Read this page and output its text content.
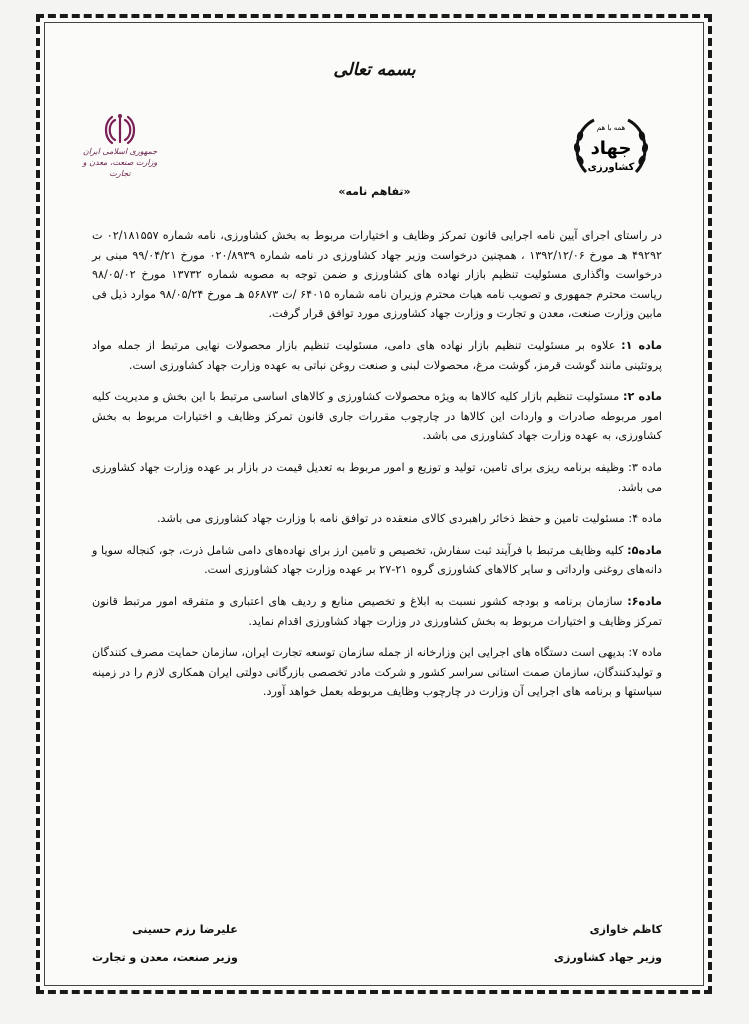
بسمه تعالی
جمهوری اسلامی ایران
وزارت صنعت، معدن و تجارت
همه با هم
جهاد
کشاورزی
«تفاهم نامه»

در راستای اجرای آیین نامه اجرایی قانون تمرکز وظایف و اختیارات مربوط به بخش کشاورزی، نامه شماره ۰۲/۱۸۱۵۵۷ ت ۴۹۲۹۲ هـ مورخ ۱۳۹۲/۱۲/۰۶ ، همچنین درخواست وزیر جهاد کشاورزی در نامه شماره ۰۲۰/۸۹۳۹ مورخ ۹۹/۰۴/۲۱ مبنی بر درخواست واگذاری مسئولیت تنظیم بازار نهاده های کشاورزی و ضمن توجه به مصوبه شماره ۱۳۷۳۲ مورخ ۹۸/۰۵/۰۲ ریاست محترم جمهوری و تصویب نامه هیات محترم وزیران نامه شماره ۶۴۰۱۵ /ت ۵۶۸۷۳ هـ مورخ ۹۸/۰۵/۲۴ موارد ذیل فی مابین وزارت صنعت، معدن و تجارت و وزارت جهاد کشاورزی مورد توافق قرار گرفت.

ماده ۱: علاوه بر مسئولیت تنظیم بازار نهاده های دامی، مسئولیت تنظیم بازار محصولات نهایی مرتبط از جمله مواد پروتئینی مانند گوشت قرمز، گوشت مرغ، محصولات لبنی و صنعت روغن نباتی به عهده وزارت جهاد کشاورزی است.

ماده ۲: مسئولیت تنظیم بازار کلیه کالاها به ویژه محصولات کشاورزی و کالاهای اساسی مرتبط با این بخش و مدیریت کلیه امور مربوطه صادرات و واردات این کالاها در چارچوب مقررات جاری قانون تمرکز وظایف و اختیارات مربوط به بخش کشاورزی، به عهده وزارت جهاد کشاورزی می باشد.

ماده ۳: وظیفه برنامه ریزی برای تامین، تولید و توزیع و امور مربوط به تعدیل قیمت در بازار بر عهده وزارت جهاد کشاورزی می باشد.

ماده ۴: مسئولیت تامین و حفظ ذخائر راهبردی کالای منعقده در توافق نامه با وزارت جهاد کشاورزی می باشد.

ماده۵: کلیه وظایف مرتبط با فرآیند ثبت سفارش، تخصیص و تامین ارز برای نهاده‌های دامی شامل ذرت، جو، کنجاله سویا و دانه‌های روغنی وارداتی و سایر کالاهای کشاورزی گروه ۲۱-۲۷ بر عهده وزارت جهاد کشاورزی است.

ماده۶: سازمان برنامه و بودجه کشور نسبت به ابلاغ و تخصیص منابع و ردیف های اعتباری و متفرقه امور مرتبط قانون تمرکز وظایف و اختیارات مربوط به بخش کشاورزی در وزارت جهاد کشاورزی اقدام نماید.

ماده ۷: بدیهی است دستگاه های اجرایی این وزارخانه از جمله سازمان توسعه تجارت ایران، سازمان حمایت مصرف کنندگان و تولیدکنندگان، سازمان صمت استانی سراسر کشور و شرکت مادر تخصصی بازرگانی دولتی ایران همکاری لازم را در زمینه سیاستها و برنامه های اجرایی آن وزارت در چارچوب وظایف مربوطه بعمل خواهد آورد.

کاظم خاوازی
وزیر جهاد کشاورزی
علیرضا رزم حسینی
وزیر صنعت، معدن و تجارت
